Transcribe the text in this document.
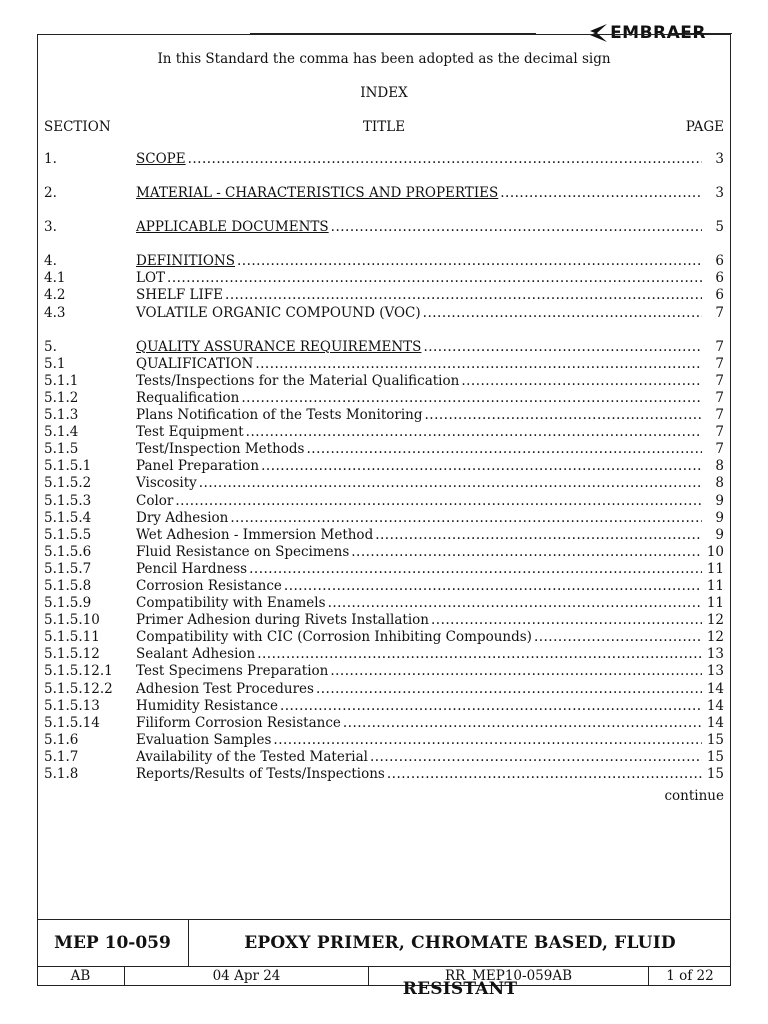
EMBRAER
In this Standard the comma has been adopted as the decimal sign
INDEX
SECTION	TITLE	PAGE
1.	SCOPE .....	3
2.	MATERIAL - CHARACTERISTICS AND PROPERTIES .....	3
3.	APPLICABLE DOCUMENTS .....	5
4.	DEFINITIONS .....	6
4.1	LOT .....	6
4.2	SHELF LIFE .....	6
4.3	VOLATILE ORGANIC COMPOUND (VOC) .....	7
5.	QUALITY ASSURANCE REQUIREMENTS .....	7
5.1	QUALIFICATION .....	7
5.1.1	Tests/Inspections for the Material Qualification .....	7
5.1.2	Requalification .....	7
5.1.3	Plans Notification of the Tests Monitoring .....	7
5.1.4	Test Equipment .....	7
5.1.5	Test/Inspection Methods .....	7
5.1.5.1	Panel Preparation .....	8
5.1.5.2	Viscosity .....	8
5.1.5.3	Color .....	9
5.1.5.4	Dry Adhesion .....	9
5.1.5.5	Wet Adhesion - Immersion Method .....	9
5.1.5.6	Fluid Resistance on Specimens .....	10
5.1.5.7	Pencil Hardness .....	11
5.1.5.8	Corrosion Resistance .....	11
5.1.5.9	Compatibility with Enamels .....	11
5.1.5.10	Primer Adhesion during Rivets Installation .....	12
5.1.5.11	Compatibility with CIC (Corrosion Inhibiting Compounds) .....	12
5.1.5.12	Sealant Adhesion .....	13
5.1.5.12.1 Test Specimens Preparation .....	13
5.1.5.12.2 Adhesion Test Procedures .....	14
5.1.5.13	Humidity Resistance .....	14
5.1.5.14	Filiform Corrosion Resistance .....	14
5.1.6	Evaluation Samples .....	15
5.1.7	Availability of the Tested Material .....	15
5.1.8	Reports/Results of Tests/Inspections .....	15
continue
MEP 10-059	EPOXY PRIMER, CHROMATE BASED, FLUID RESISTANT
AB	04 Apr 24	RR_MEP10-059AB	1 of 22
